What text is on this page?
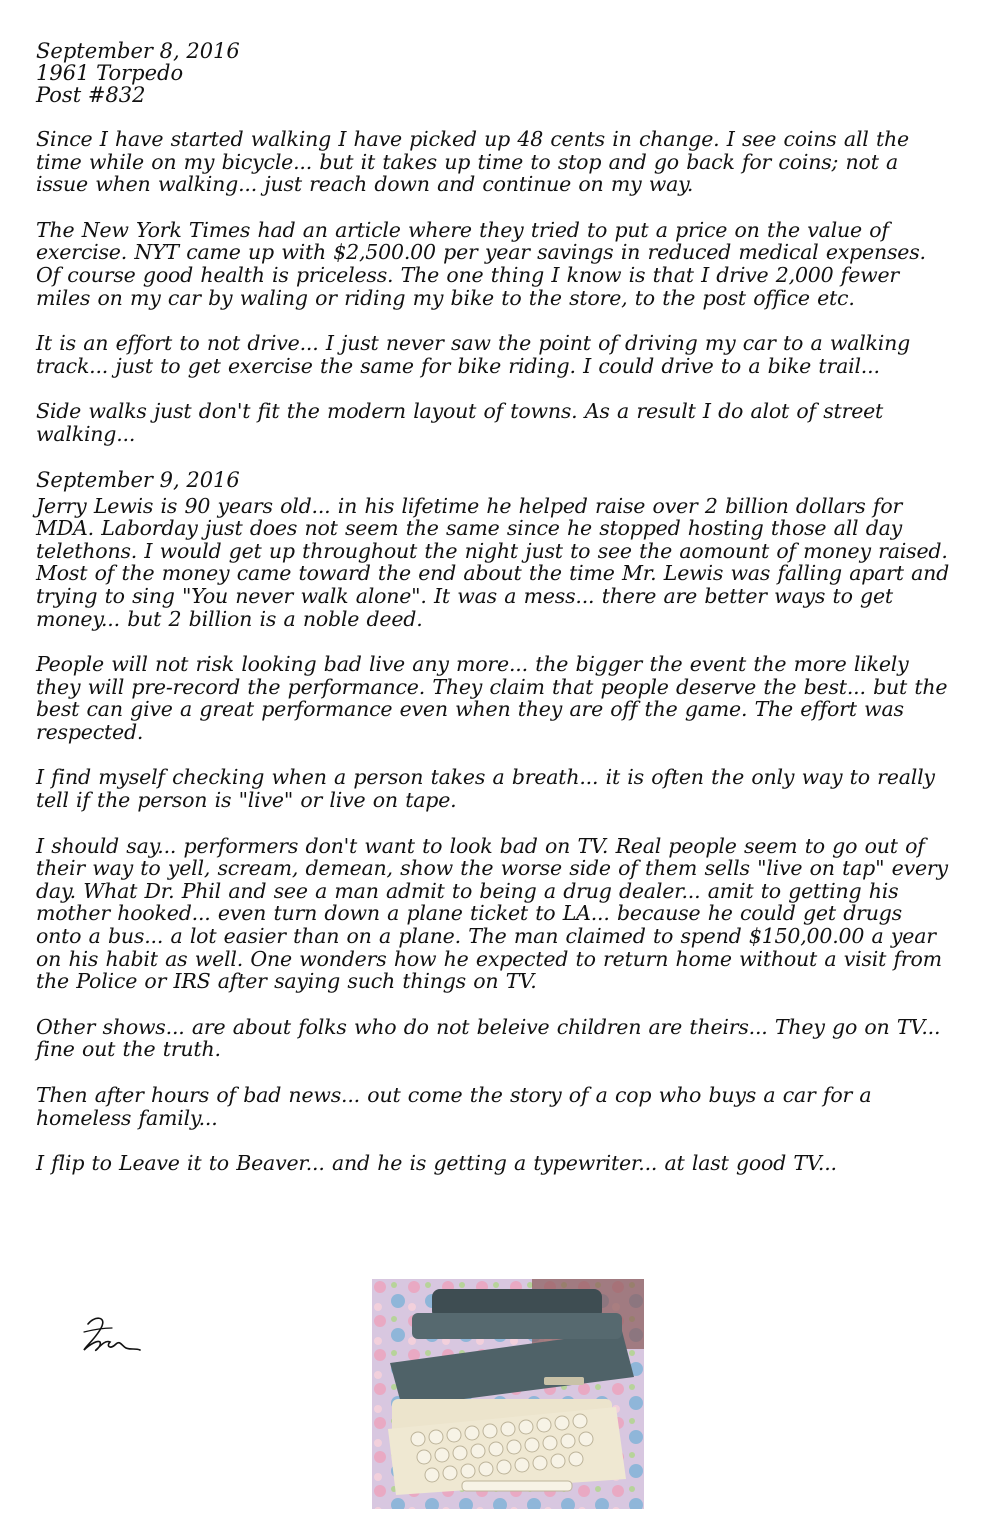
September 8, 2016

1961 Torpedo

Post #832

Since I have started walking I have picked up 48 cents in change. I see coins all the time while on my bicycle... but it takes up time to stop and go back for coins; not a issue when walking... just reach down and continue on my way.

The New York Times had an article where they tried to put a price on the value of exercise. NYT came up with $2,500.00 per year savings in reduced medical expenses. Of course good health is priceless. The one thing I know is that I drive 2,000 fewer miles on my car by waling or riding my bike to the store, to the post office etc.

It is an effort to not drive... I just never saw the point of driving my car to a walking track... just to get exercise the same for bike riding. I could drive to a bike trail...

Side walks just don't fit the modern layout of towns. As a result I do alot of street walking...

September 9, 2016

Jerry Lewis is 90 years old... in his lifetime he helped raise over 2 billion dollars for MDA. Laborday just does not seem the same since he stopped hosting those all day telethons. I would get up throughout the night just to see the aomount of money raised. Most of the money came toward the end about the time Mr. Lewis was falling apart and trying to sing "You never walk alone". It was a mess... there are better ways to get money... but 2 billion is a noble deed.

People will not risk looking bad live any more... the bigger the event the more likely they will pre-record the performance. They claim that people deserve the best... but the best can give a great performance even when they are off the game. The effort was respected.

I find myself checking when a person takes a breath... it is often the only way to really tell if the person is "live" or live on tape.

I should say... performers don't want to look bad on TV. Real people seem to go out of their way to yell, scream, demean, show the worse side of them sells "live on tap" every day. What Dr. Phil and see a man admit to being a drug dealer... amit to getting his mother hooked... even turn down a plane ticket to LA... because he could get drugs onto a bus... a lot easier than on a plane. The man claimed to spend $150,00.00 a year on his habit as well. One wonders how he expected to return home without a visit from the Police or IRS after saying such things on TV.

Other shows... are about folks who do not beleive children are theirs... They go on TV... fine out the truth.

Then after hours of bad news... out come the story of a cop who buys a car for a homeless family...

I flip to Leave it to Beaver... and he is getting a typewriter... at last good TV...
